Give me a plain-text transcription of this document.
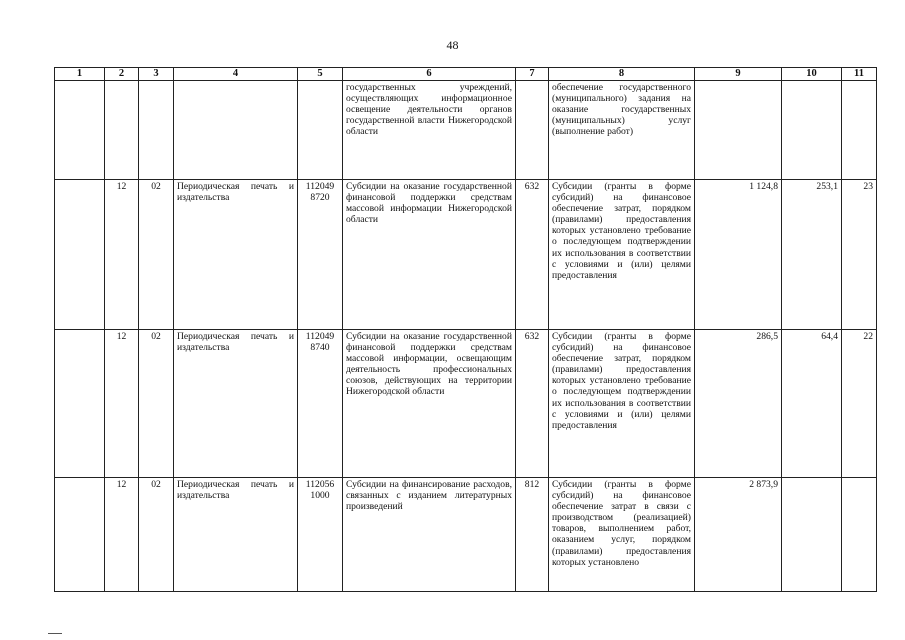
48
1	2	3	4	5	6	7	8	9	10	11
					государственных учреждений, осуществляющих информационное освещение деятельности органов государственной власти Нижегородской области		обеспечение государственного (муниципального) задания на оказание государственных (муниципальных) услуг (выполнение работ)			
	12	02	Периодическая печать и издательства	112049 8720	Субсидии на оказание государственной финансовой поддержки средствам массовой информации Нижегородской области	632	Субсидии (гранты в форме субсидий) на финансовое обеспечение затрат, порядком (правилами) предоставления которых установлено требование о последующем подтверждении их использования в соответствии с условиями и (или) целями предоставления	1 124,8	253,1	23
	12	02	Периодическая печать и издательства	112049 8740	Субсидии на оказание государственной финансовой поддержки средствам массовой информации, освещающим деятельность профессиональных союзов, действующих на территории Нижегородской области	632	Субсидии (гранты в форме субсидий) на финансовое обеспечение затрат, порядком (правилами) предоставления которых установлено требование о последующем подтверждении их использования в соответствии с условиями и (или) целями предоставления	286,5	64,4	22
	12	02	Периодическая печать и издательства	112056 1000	Субсидии на финансирование расходов, связанных с изданием литературных произведений	812	Субсидии (гранты в форме субсидий) на финансовое обеспечение затрат в связи с производством (реализацией) товаров, выполнением работ, оказанием услуг, порядком (правилами) предоставления которых установлено	2 873,9		
